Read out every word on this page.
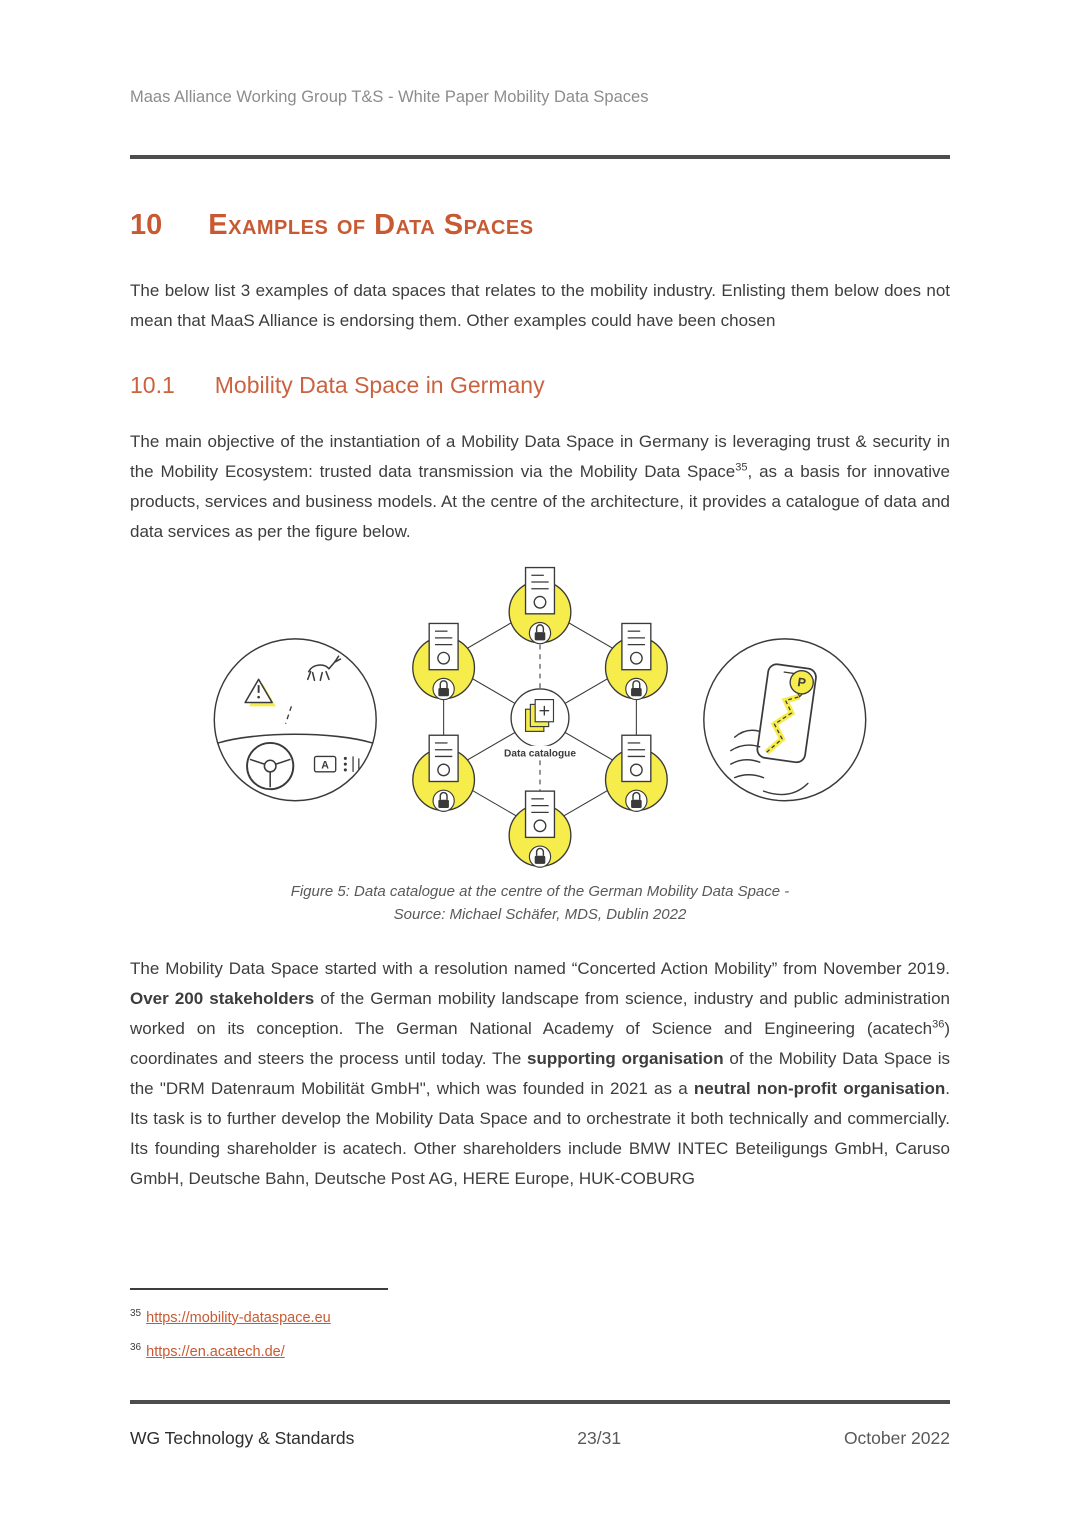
Maas Alliance Working Group T&S - White Paper Mobility Data Spaces
10 Examples of Data Spaces

The below list 3 examples of data spaces that relates to the mobility industry. Enlisting them below does not mean that MaaS Alliance is endorsing them. Other examples could have been chosen

10.1 Mobility Data Space in Germany

The main objective of the instantiation of a Mobility Data Space in Germany is leveraging trust & security in the Mobility Ecosystem: trusted data transmission via the Mobility Data Space$^{35}$, as a basis for innovative products, services and business models. At the centre of the architecture, it provides a catalogue of data and data services as per the figure below.

Data catalogue
A
P
Figure 5: Data catalogue at the centre of the German Mobility Data Space -
Source: Michael Schäfer, MDS, Dublin 2022

The Mobility Data Space started with a resolution named “Concerted Action Mobility” from November 2019. Over 200 stakeholders of the German mobility landscape from science, industry and public administration worked on its conception. The German National Academy of Science and Engineering (acatech$^{36}$) coordinates and steers the process until today. The supporting organisation of the Mobility Data Space is the "DRM Datenraum Mobilität GmbH", which was founded in 2021 as a neutral non-profit organisation. Its task is to further develop the Mobility Data Space and to orchestrate it both technically and commercially. Its founding shareholder is acatech. Other shareholders include BMW INTEC Beteiligungs GmbH, Caruso GmbH, Deutsche Bahn, Deutsche Post AG, HERE Europe, HUK-COBURG

$^{35}$ https://mobility-dataspace.eu
$^{36}$ https://en.acatech.de/
WG Technology & Standards	23/31	October 2022
